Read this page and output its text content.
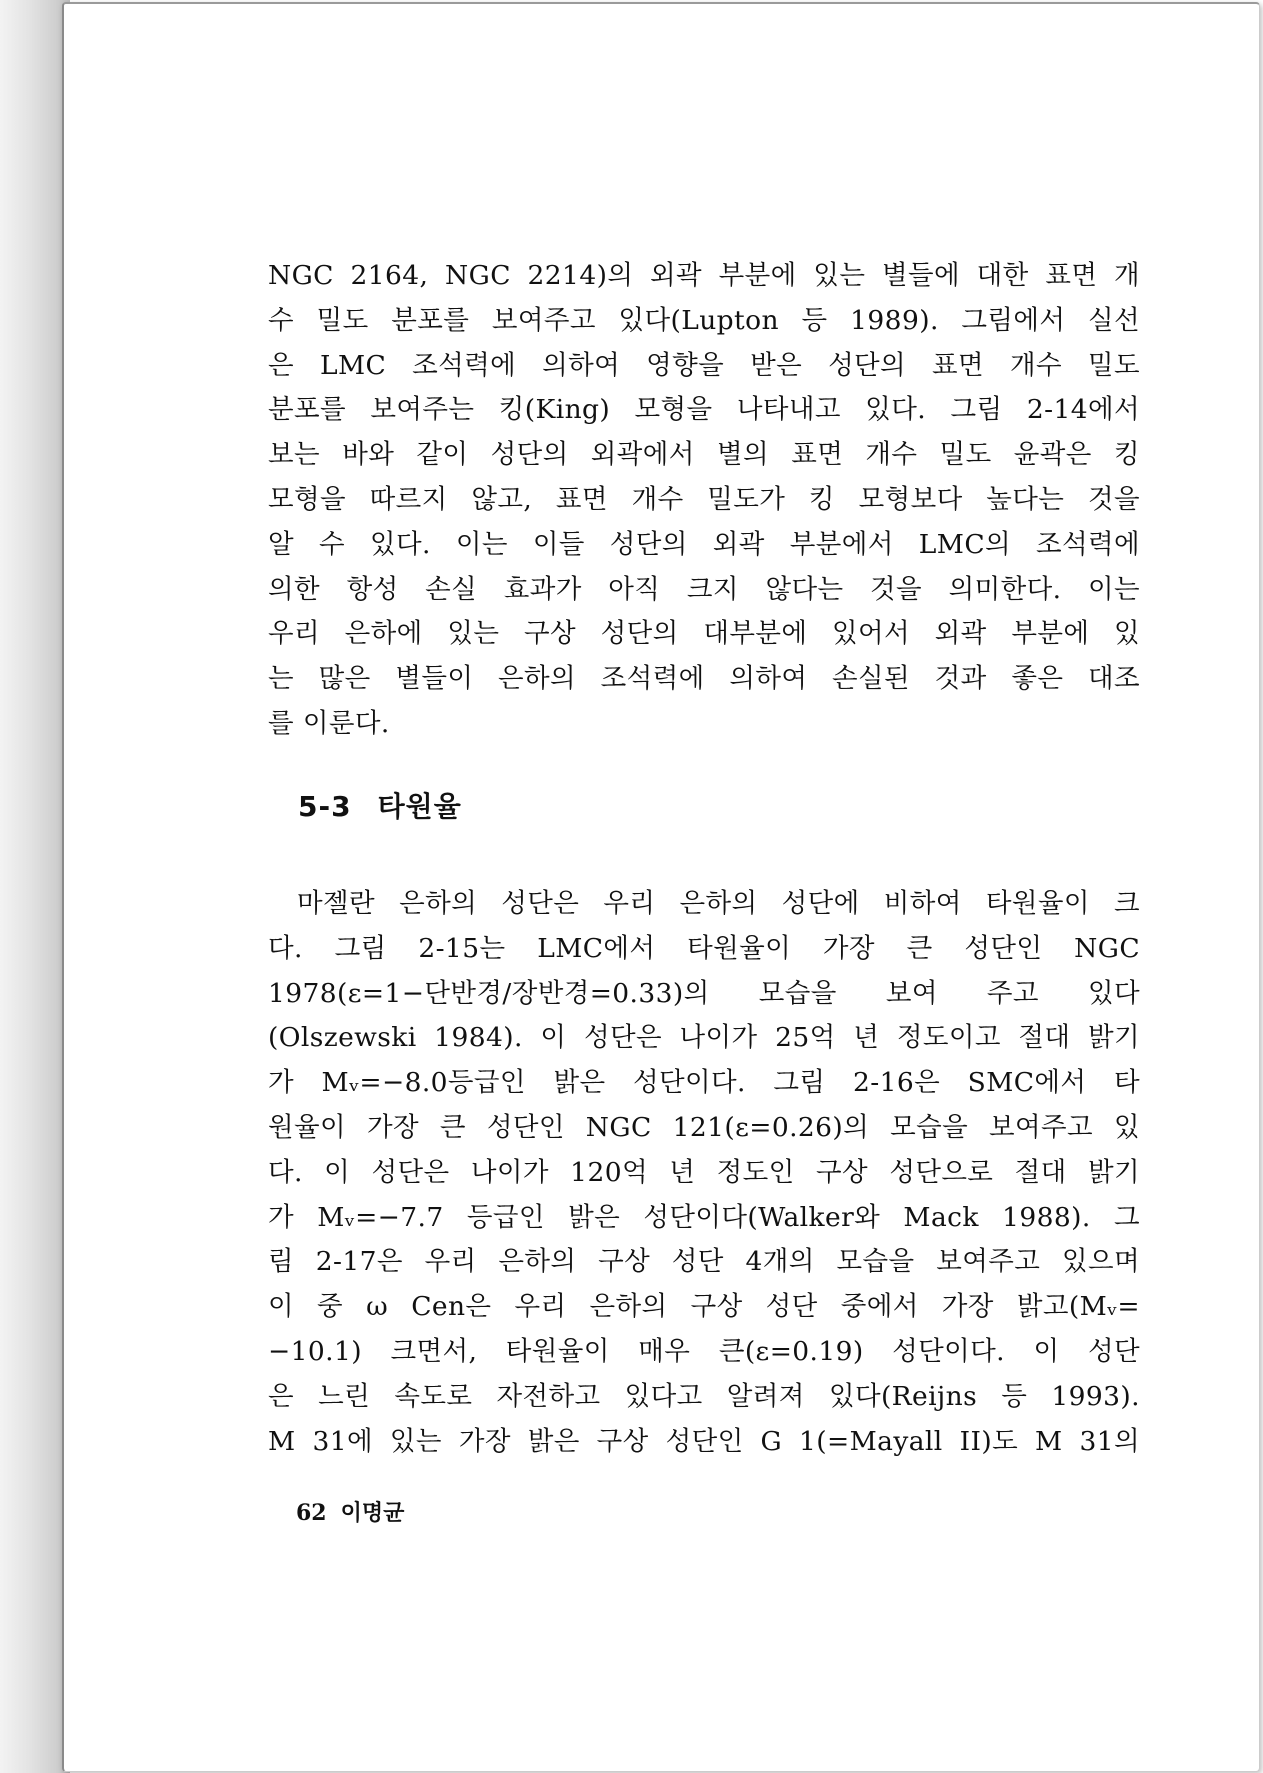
NGC 2164, NGC 2214)의 외곽 부분에 있는 별들에 대한 표면 개

수 밀도 분포를 보여주고 있다(Lupton 등 1989). 그림에서 실선

은 LMC 조석력에 의하여 영향을 받은 성단의 표면 개수 밀도

분포를 보여주는 킹(King) 모형을 나타내고 있다. 그림 2-14에서

보는 바와 같이 성단의 외곽에서 별의 표면 개수 밀도 윤곽은 킹

모형을 따르지 않고, 표면 개수 밀도가 킹 모형보다 높다는 것을

알 수 있다. 이는 이들 성단의 외곽 부분에서 LMC의 조석력에

의한 항성 손실 효과가 아직 크지 않다는 것을 의미한다. 이는

우리 은하에 있는 구상 성단의 대부분에 있어서 외곽 부분에 있

는 많은 별들이 은하의 조석력에 의하여 손실된 것과 좋은 대조

를 이룬다.

5-3 타원율

마젤란 은하의 성단은 우리 은하의 성단에 비하여 타원율이 크

다. 그림 2-15는 LMC에서 타원율이 가장 큰 성단인 NGC

1978(ε=1−단반경/장반경=0.33)의 모습을 보여 주고 있다

(Olszewski 1984). 이 성단은 나이가 25억 년 정도이고 절대 밝기

가 Mᵥ=−8.0등급인 밝은 성단이다. 그림 2-16은 SMC에서 타

원율이 가장 큰 성단인 NGC 121(ε=0.26)의 모습을 보여주고 있

다. 이 성단은 나이가 120억 년 정도인 구상 성단으로 절대 밝기

가 Mᵥ=−7.7 등급인 밝은 성단이다(Walker와 Mack 1988). 그

림 2-17은 우리 은하의 구상 성단 4개의 모습을 보여주고 있으며

이 중 ω Cen은 우리 은하의 구상 성단 중에서 가장 밝고(Mᵥ=

−10.1) 크면서, 타원율이 매우 큰(ε=0.19) 성단이다. 이 성단

은 느린 속도로 자전하고 있다고 알려져 있다(Reijns 등 1993).

M 31에 있는 가장 밝은 구상 성단인 G 1(=Mayall II)도 M 31의

62 이명균
